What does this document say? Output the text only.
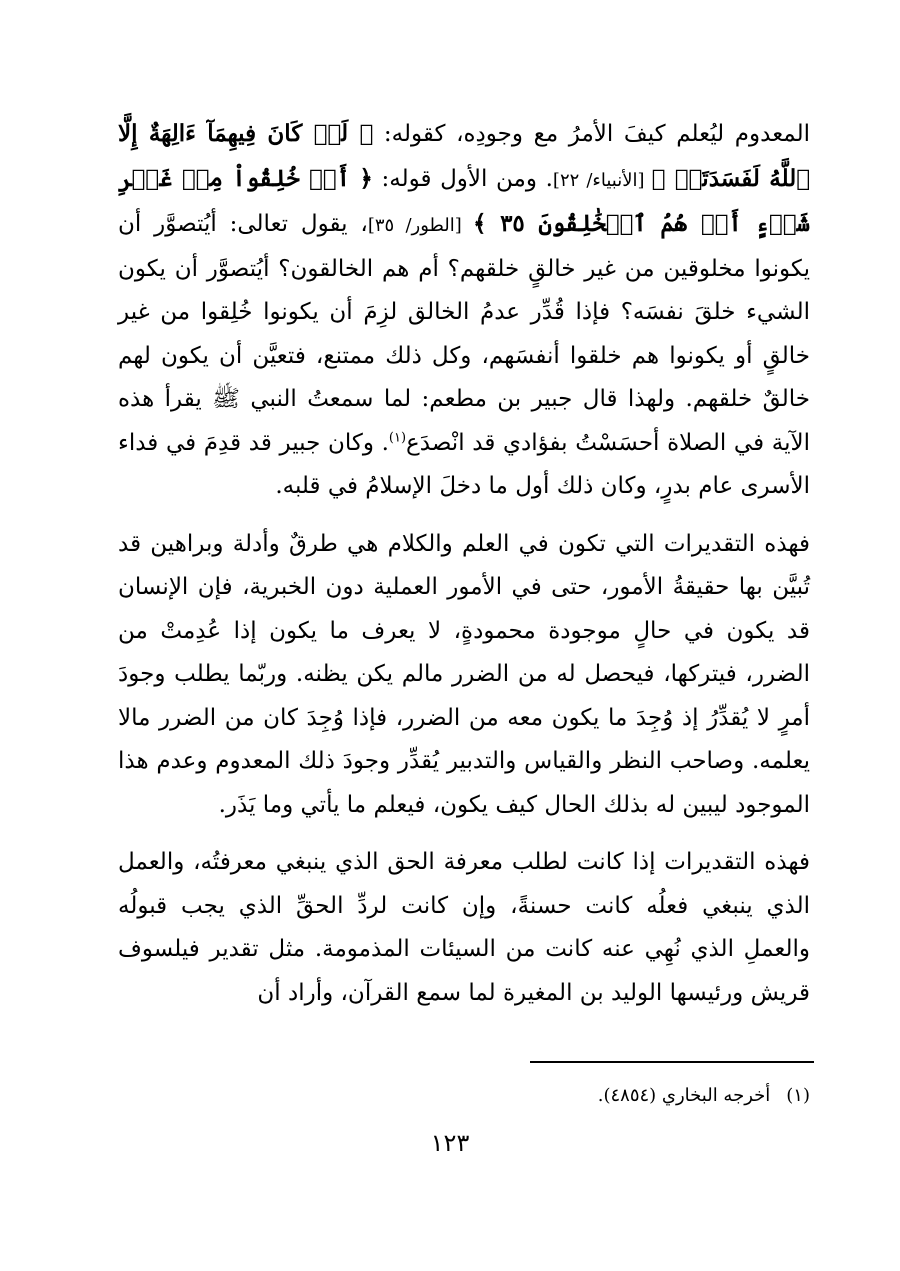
المعدوم ليُعلم كيفَ الأمرُ مع وجودِه، كقوله: ﴿ لَوۡ كَانَ فِيهِمَآ ءَالِهَةٌ إِلَّا ٱللَّهُ لَفَسَدَتَاۚ ﴾ [الأنبياء/ ٢٢]. ومن الأول قوله: ﴿ أَمۡ خُلِقُواْ مِنۡ غَيۡرِ شَيۡءٍ أَمۡ هُمُ ٱلۡخَٰلِقُونَ ٣٥ ﴾ [الطور/ ٣٥]، يقول تعالى: أيُتصوَّر أن يكونوا مخلوقين من غير خالقٍ خلقهم؟ أم هم الخالقون؟ أيُتصوَّر أن يكون الشيء خلقَ نفسَه؟ فإذا قُدِّر عدمُ الخالق لزِمَ أن يكونوا خُلِقوا من غير خالقٍ أو يكونوا هم خلقوا أنفسَهم، وكل ذلك ممتنع، فتعيَّن أن يكون لهم خالقٌ خلقهم. ولهذا قال جبير بن مطعم: لما سمعتُ النبي ﷺ يقرأ هذه الآية في الصلاة أحسَسْتُ بفؤادي قد انْصدَع$^{(١)}$. وكان جبير قد قدِمَ في فداء الأسرى عام بدرٍ، وكان ذلك أول ما دخلَ الإسلامُ في قلبه.

فهذه التقديرات التي تكون في العلم والكلام هي طرقٌ وأدلة وبراهين قد تُبيَّن بها حقيقةُ الأمور، حتى في الأمور العملية دون الخبرية، فإن الإنسان قد يكون في حالٍ موجودة محمودةٍ، لا يعرف ما يكون إذا عُدِمتْ من الضرر، فيتركها، فيحصل له من الضرر مالم يكن يظنه. وربّما يطلب وجودَ أمرٍ لا يُقدِّرُ إذ وُجِدَ ما يكون معه من الضرر، فإذا وُجِدَ كان من الضرر مالا يعلمه. وصاحب النظر والقياس والتدبير يُقدِّر وجودَ ذلك المعدوم وعدم هذا الموجود ليبين له بذلك الحال كيف يكون، فيعلم ما يأتي وما يَذَر.

فهذه التقديرات إذا كانت لطلب معرفة الحق الذي ينبغي معرفتُه، والعمل الذي ينبغي فعلُه كانت حسنةً، وإن كانت لردِّ الحقِّ الذي يجب قبولُه والعملِ الذي نُهِي عنه كانت من السيئات المذمومة. مثل تقدير فيلسوف قريش ورئيسها الوليد بن المغيرة لما سمع القرآن، وأراد أن

(١)أخرجه البخاري (٤٨٥٤).
١٢٣
